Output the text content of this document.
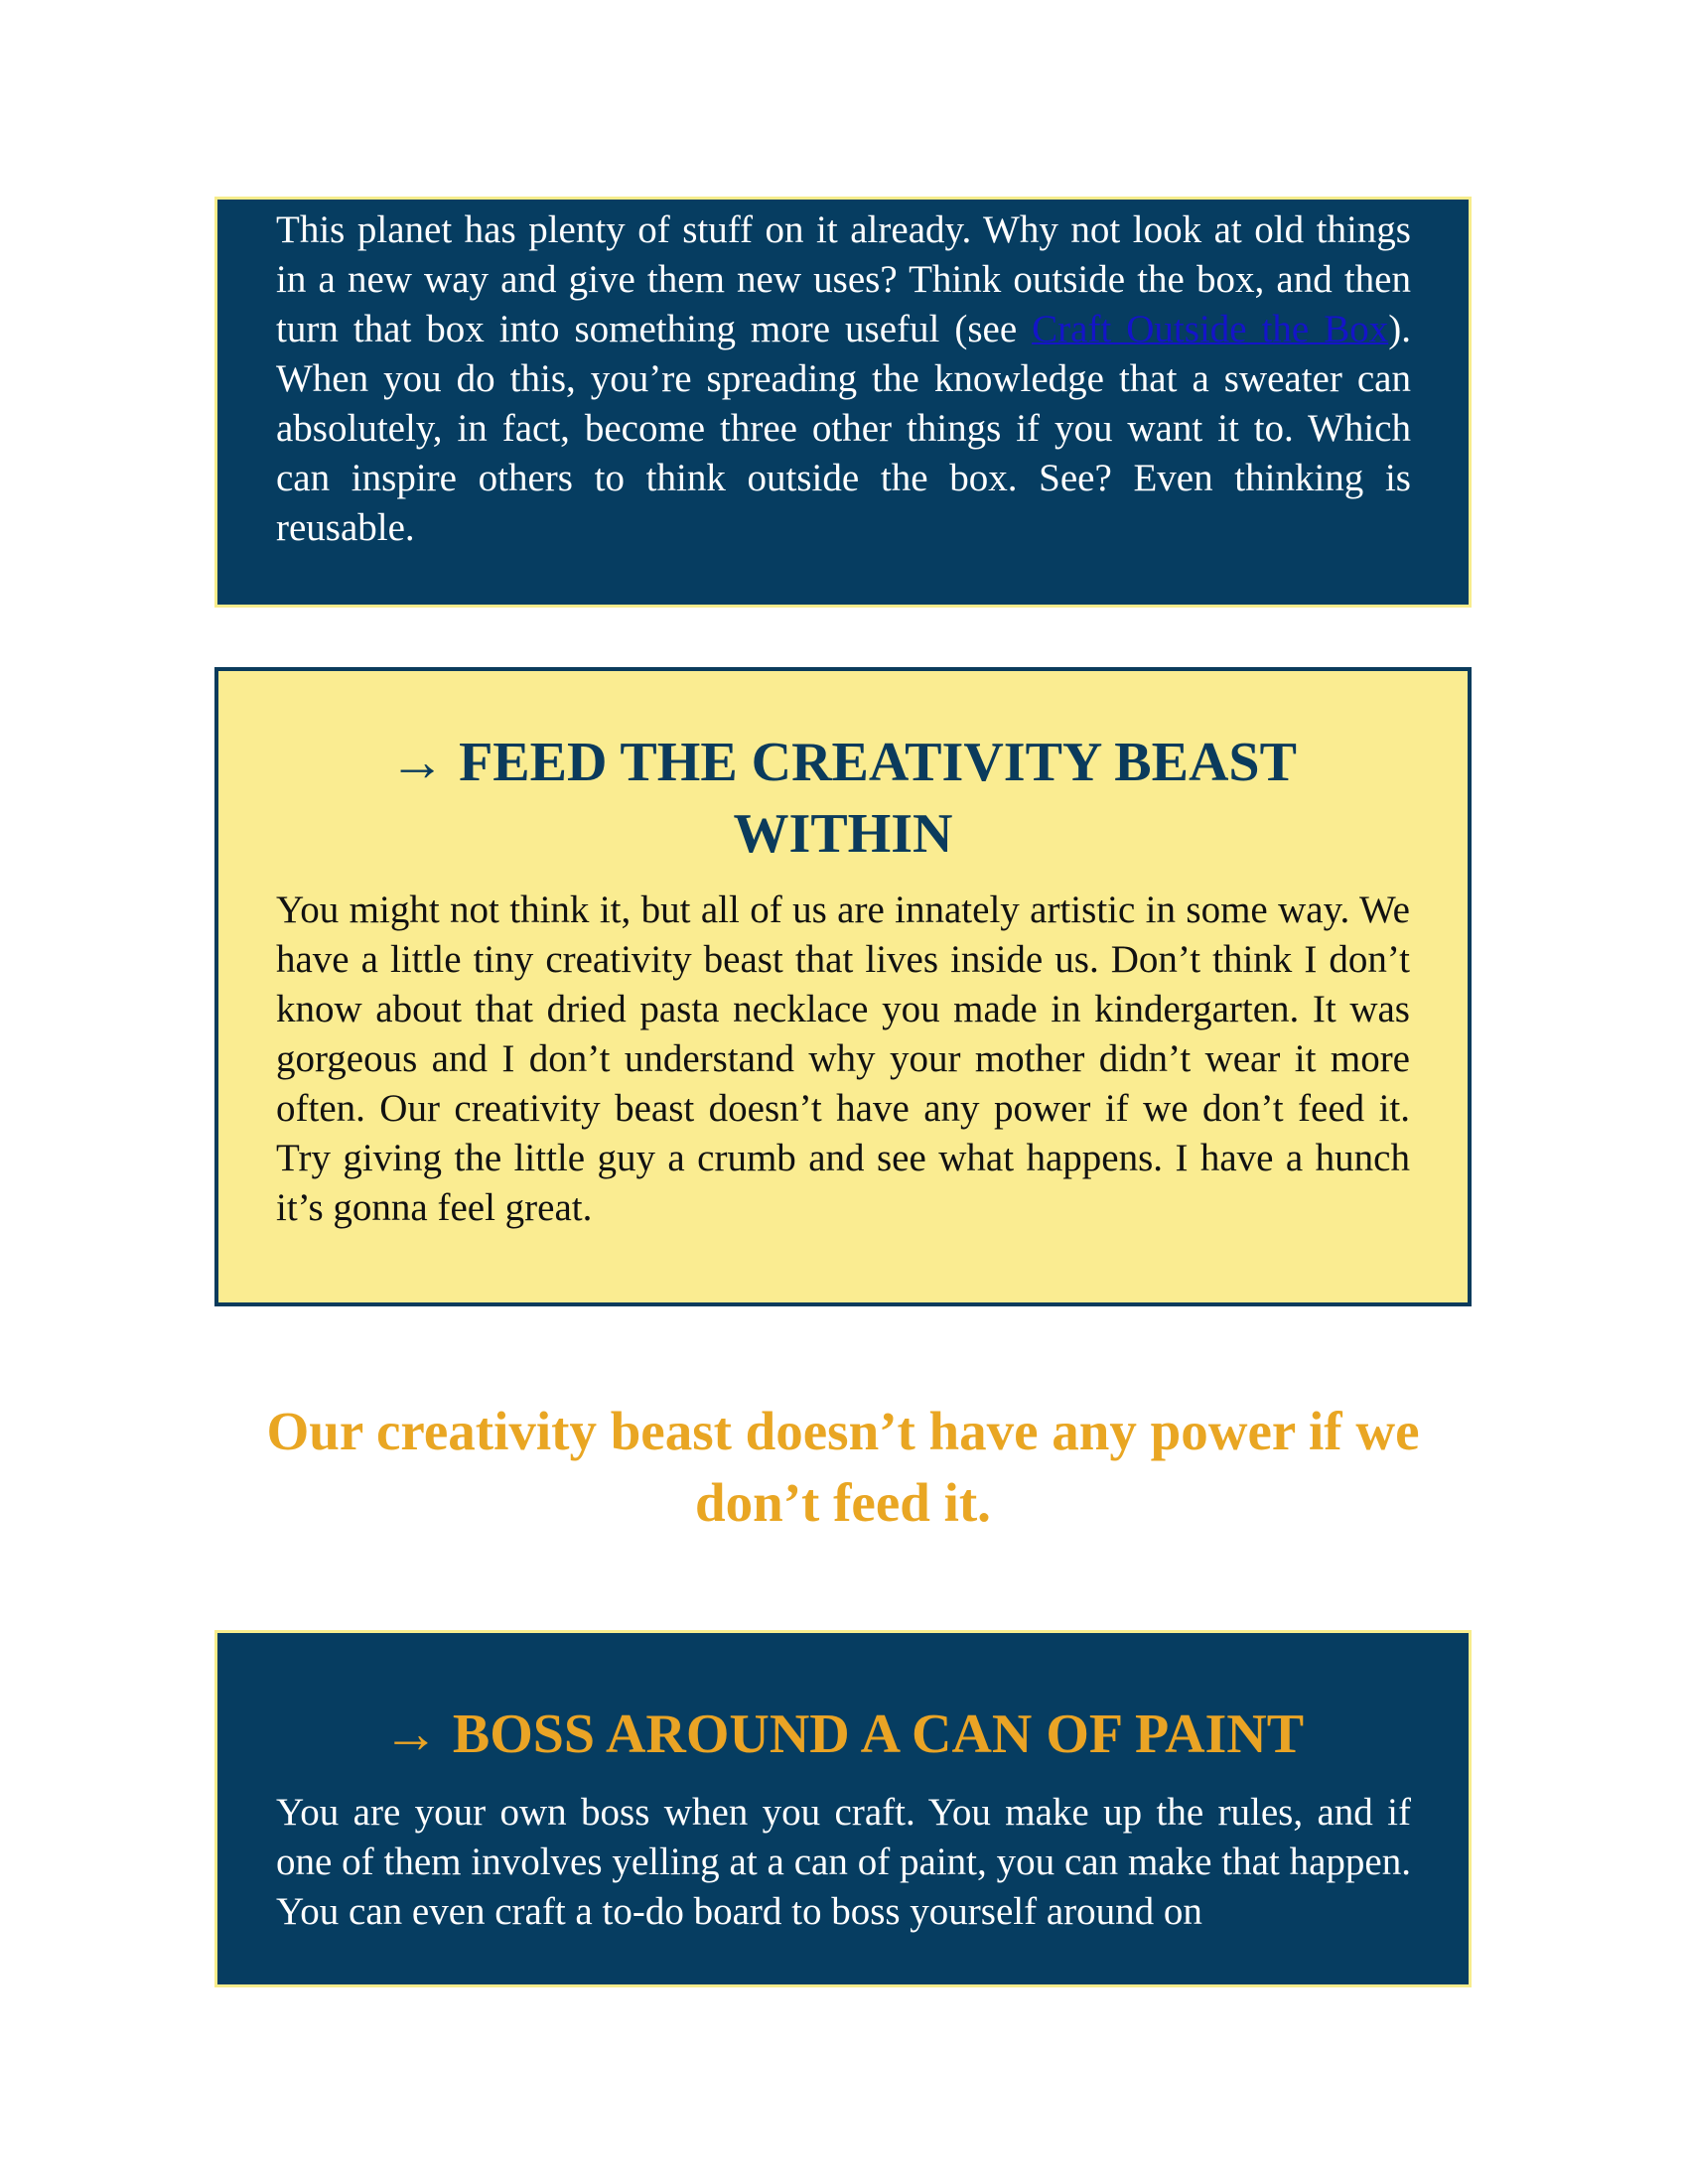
This planet has plenty of stuff on it already. Why not look at old things in a new way and give them new uses? Think outside the box, and then turn that box into something more useful (see Craft Outside the Box). When you do this, you’re spreading the knowledge that a sweater can absolutely, in fact, become three other things if you want it to. Which can inspire others to think outside the box. See? Even thinking is reusable.

→ FEED THE CREATIVITY BEAST WITHIN

You might not think it, but all of us are innately artistic in some way. We have a little tiny creativity beast that lives inside us. Don’t think I don’t know about that dried pasta necklace you made in kindergarten. It was gorgeous and I don’t understand why your mother didn’t wear it more often. Our creativity beast doesn’t have any power if we don’t feed it. Try giving the little guy a crumb and see what happens. I have a hunch it’s gonna feel great.

Our creativity beast doesn’t have any power if we don’t feed it.

→ BOSS AROUND A CAN OF PAINT

You are your own boss when you craft. You make up the rules, and if one of them involves yelling at a can of paint, you can make that happen. You can even craft a to-do board to boss yourself around on
